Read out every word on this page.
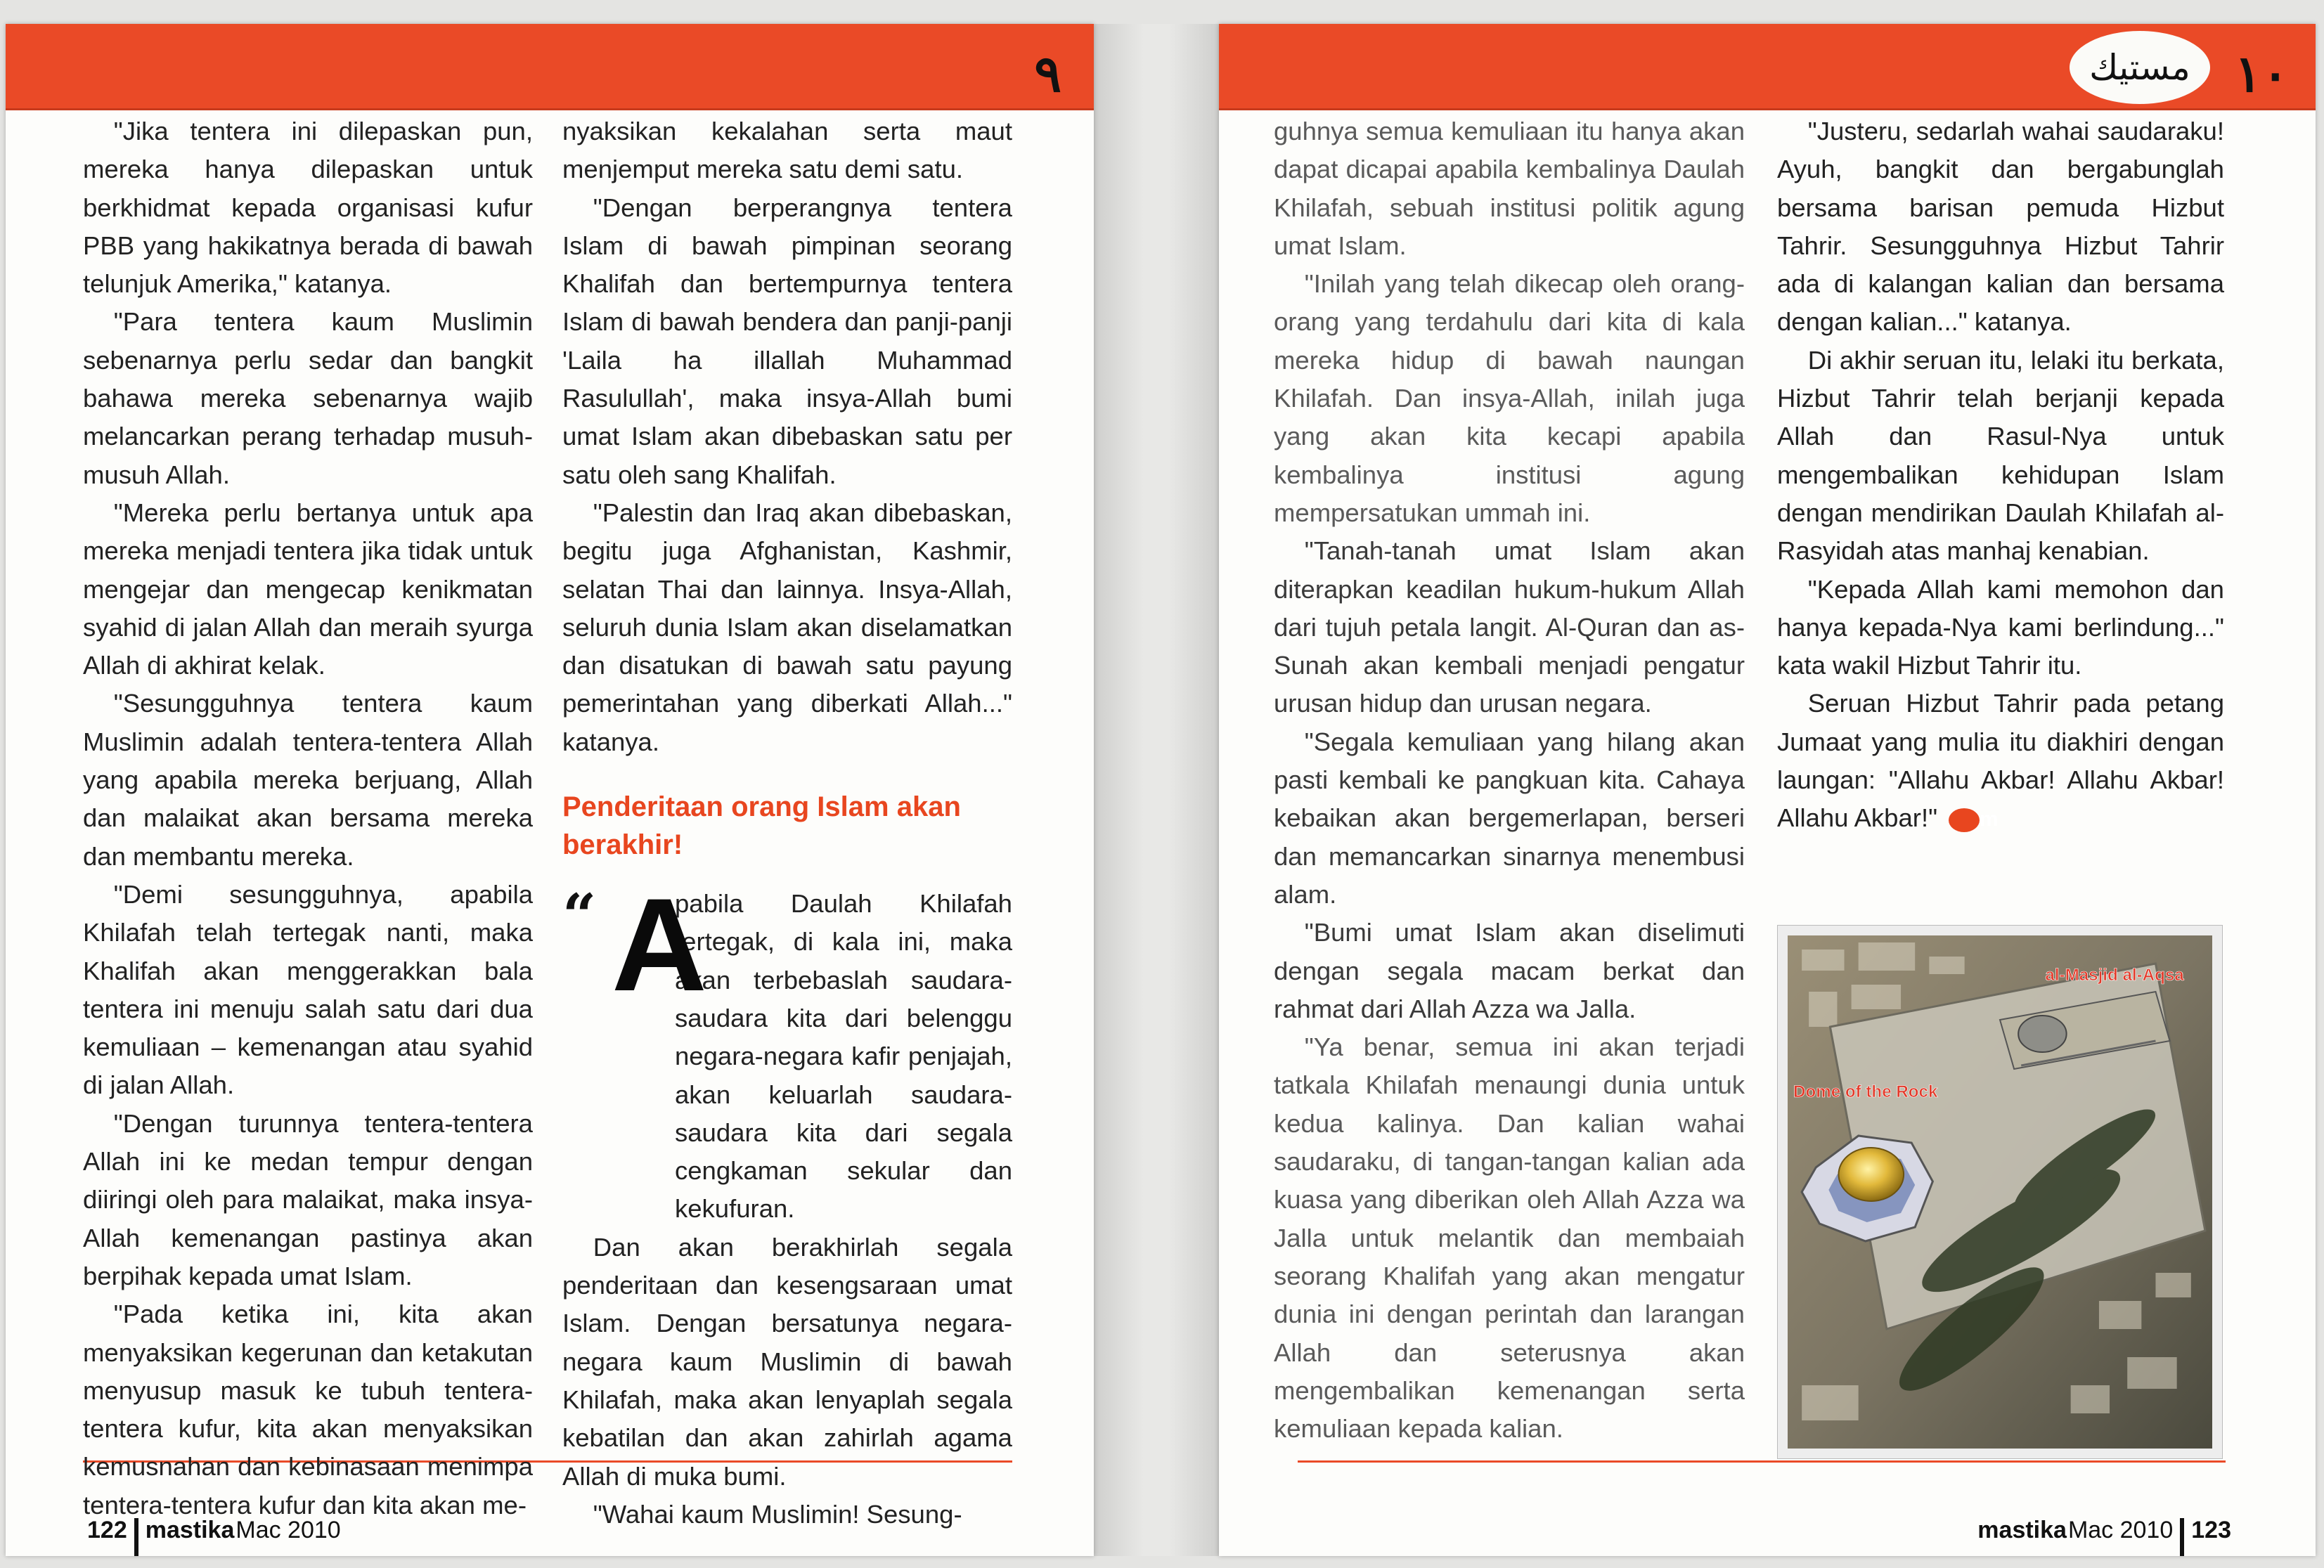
٩
122 mastika Mac 2010

"Jika tentera ini dilepaskan pun, mereka hanya dilepaskan untuk berkhidmat kepada organisasi kufur PBB yang hakikatnya berada di bawah telunjuk Amerika," katanya.

"Para tentera kaum Muslimin sebenarnya perlu sedar dan bangkit bahawa mereka sebenarnya wajib melancarkan perang terhadap musuh-musuh Allah.

"Mereka perlu bertanya untuk apa mereka menjadi tentera jika tidak untuk mengejar dan mengecap kenikmatan syahid di jalan Allah dan meraih syurga Allah di akhirat kelak.

"Sesungguhnya tentera kaum Muslimin adalah tentera-tentera Allah yang apabila mereka berjuang, Allah dan malaikat akan bersama mereka dan membantu mereka.

"Demi sesungguhnya, apabila Khilafah telah tertegak nanti, maka Khalifah akan menggerakkan bala tentera ini menuju salah satu dari dua kemuliaan – kemenangan atau syahid di jalan Allah.

"Dengan turunnya tentera-tentera Allah ini ke medan tempur dengan diiringi oleh para malaikat, maka insya-Allah kemenangan pastinya akan berpihak kepada umat Islam.

"Pada ketika ini, kita akan menyaksikan kegerunan dan ketakutan menyusup masuk ke tubuh tentera-tentera kufur, kita akan menyaksikan kemusnahan dan kebinasaan menimpa tentera-tentera kufur dan kita akan me-

nyaksikan kekalahan serta maut menjemput mereka satu demi satu.

"Dengan berperangnya tentera Islam di bawah pimpinan seorang Khalifah dan bertempurnya tentera Islam di bawah bendera dan panji-panji 'Laila ha illallah Muhammad Rasulullah', maka insya-Allah bumi umat Islam akan dibebaskan satu per satu oleh sang Khalifah.

"Palestin dan Iraq akan dibebaskan, begitu juga Afghanistan, Kashmir, selatan Thai dan lainnya. Insya-Allah, seluruh dunia Islam akan diselamatkan dan disatukan di bawah satu payung pemerintahan yang diberkati Allah..." katanya.

Penderitaan orang Islam akan berakhir!
“ A

pabila Daulah Khilafah tertegak, di kala ini, maka akan terbebaslah saudara-saudara kita dari belenggu negara-negara kafir penjajah, akan keluarlah saudara-saudara kita dari segala cengkaman sekular dan kekufuran.

Dan akan berakhirlah segala penderitaan dan kesengsaraan umat Islam. Dengan bersatunya negara-negara kaum Muslimin di bawah Khilafah, maka akan lenyaplah segala kebatilan dan akan zahirlah agama Allah di muka bumi.

"Wahai kaum Muslimin! Sesung-

مستيك ١٠
mastika Mac 2010 123

guhnya semua kemuliaan itu hanya akan dapat dicapai apabila kembalinya Daulah Khilafah, sebuah institusi politik agung umat Islam.

"Inilah yang telah dikecap oleh orang-orang yang terdahulu dari kita di kala mereka hidup di bawah naungan Khilafah. Dan insya-Allah, inilah juga yang akan kita kecapi apabila kembalinya institusi agung mempersatukan ummah ini.

"Tanah-tanah umat Islam akan diterapkan keadilan hukum-hukum Allah dari tujuh petala langit. Al-Quran dan as-Sunah akan kembali menjadi pengatur urusan hidup dan urusan negara.

"Segala kemuliaan yang hilang akan pasti kembali ke pangkuan kita. Cahaya kebaikan akan bergemerlapan, berseri dan memancarkan sinarnya menembusi alam.

"Bumi umat Islam akan diselimuti dengan segala macam berkat dan rahmat dari Allah Azza wa Jalla.

"Ya benar, semua ini akan terjadi tatkala Khilafah menaungi dunia untuk kedua kalinya. Dan kalian wahai saudaraku, di tangan-tangan kalian ada kuasa yang diberikan oleh Allah Azza wa Jalla untuk melantik dan membaiah seorang Khalifah yang akan mengatur dunia ini dengan perintah dan larangan Allah dan seterusnya akan mengembalikan kemenangan serta kemuliaan kepada kalian.

"Justeru, sedarlah wahai saudaraku! Ayuh, bangkit dan bergabunglah bersama barisan pemuda Hizbut Tahrir. Sesungguhnya Hizbut Tahrir ada di kalangan kalian dan bersama dengan kalian..." katanya.

Di akhir seruan itu, lelaki itu berkata, Hizbut Tahrir telah berjanji kepada Allah dan Rasul-Nya untuk mengembalikan kehidupan Islam dengan mendirikan Daulah Khilafah al-Rasyidah atas manhaj kenabian.

"Kepada Allah kami memohon dan hanya kepada-Nya kami berlindung..." kata wakil Hizbut Tahrir itu.

Seruan Hizbut Tahrir pada petang Jumaat yang mulia itu diakhiri dengan laungan: "Allahu Akbar! Allahu Akbar! Allahu Akbar!" m

al-Masjid al-Aqsa
Dome of the Rock
